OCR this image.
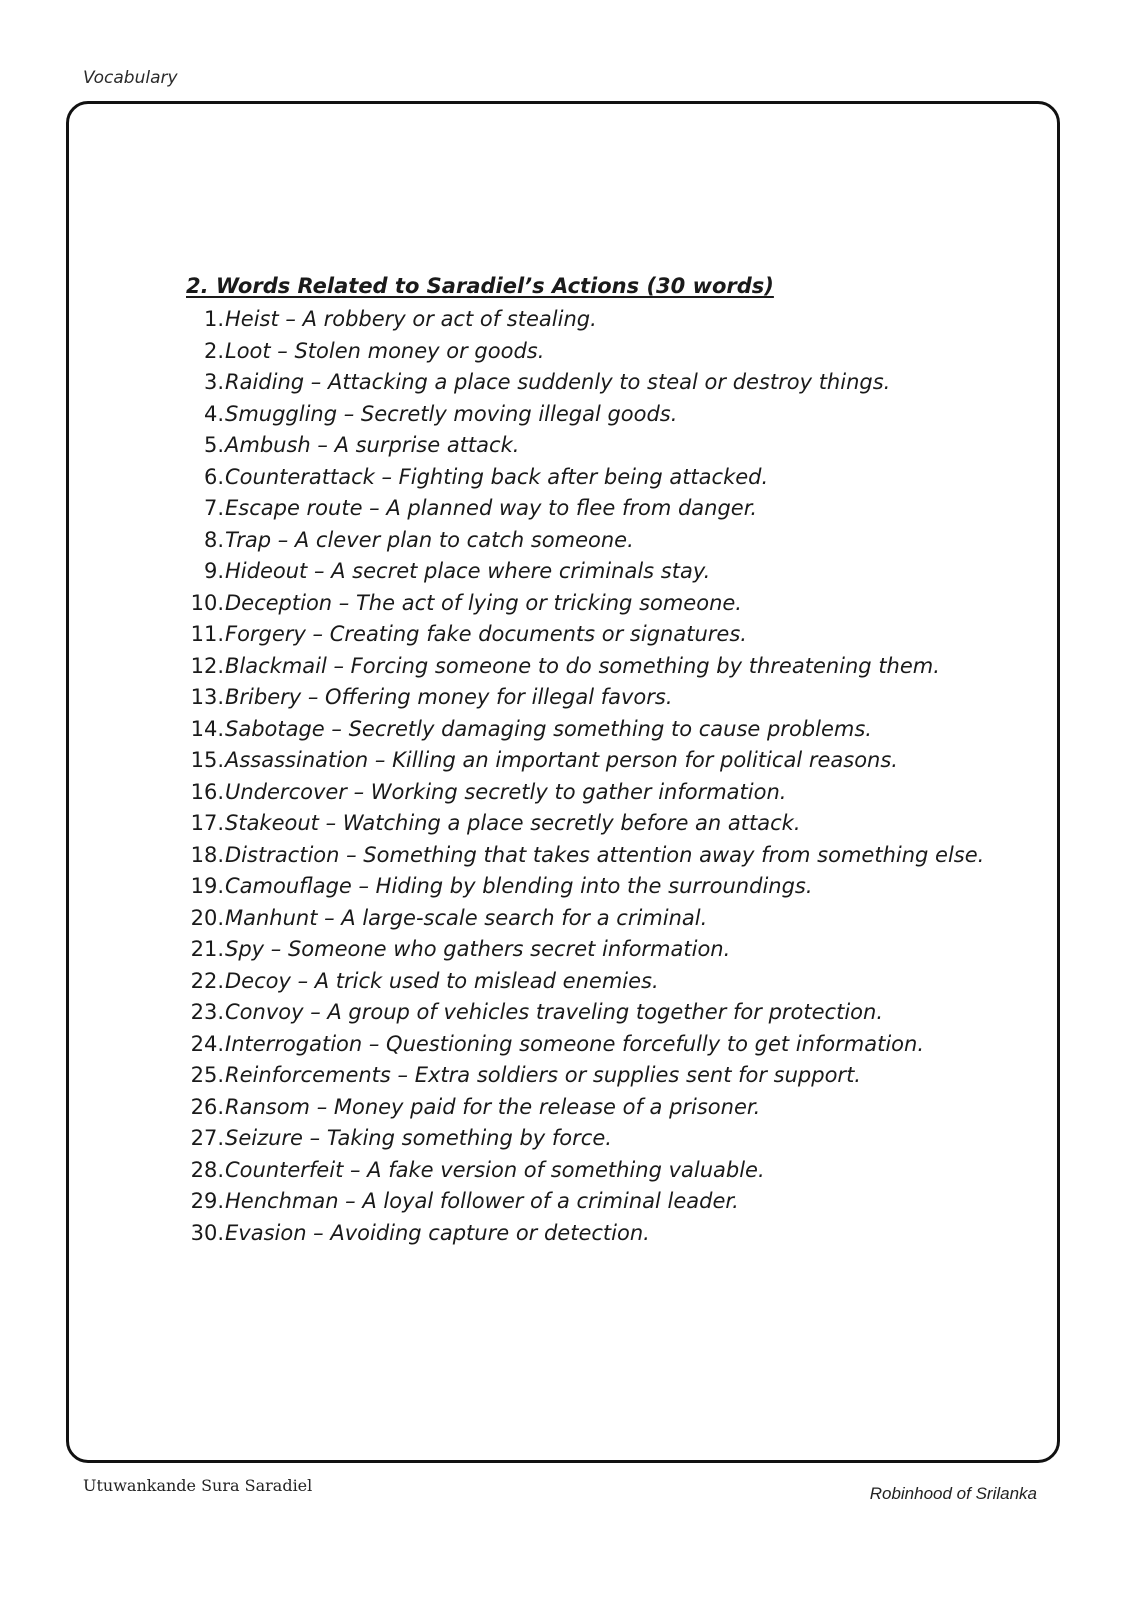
Vocabulary
2. Words Related to Saradiel’s Actions (30 words)
1. Heist – A robbery or act of stealing.
2. Loot – Stolen money or goods.
3. Raiding – Attacking a place suddenly to steal or destroy things.
4. Smuggling – Secretly moving illegal goods.
5. Ambush – A surprise attack.
6. Counterattack – Fighting back after being attacked.
7. Escape route – A planned way to flee from danger.
8. Trap – A clever plan to catch someone.
9. Hideout – A secret place where criminals stay.
10. Deception – The act of lying or tricking someone.
11. Forgery – Creating fake documents or signatures.
12. Blackmail – Forcing someone to do something by threatening them.
13. Bribery – Offering money for illegal favors.
14. Sabotage – Secretly damaging something to cause problems.
15. Assassination – Killing an important person for political reasons.
16. Undercover – Working secretly to gather information.
17. Stakeout – Watching a place secretly before an attack.
18. Distraction – Something that takes attention away from something else.
19. Camouflage – Hiding by blending into the surroundings.
20. Manhunt – A large-scale search for a criminal.
21. Spy – Someone who gathers secret information.
22. Decoy – A trick used to mislead enemies.
23. Convoy – A group of vehicles traveling together for protection.
24. Interrogation – Questioning someone forcefully to get information.
25. Reinforcements – Extra soldiers or supplies sent for support.
26. Ransom – Money paid for the release of a prisoner.
27. Seizure – Taking something by force.
28. Counterfeit – A fake version of something valuable.
29. Henchman – A loyal follower of a criminal leader.
30. Evasion – Avoiding capture or detection.
Utuwankande Sura Saradiel	Robinhood of Srilanka
